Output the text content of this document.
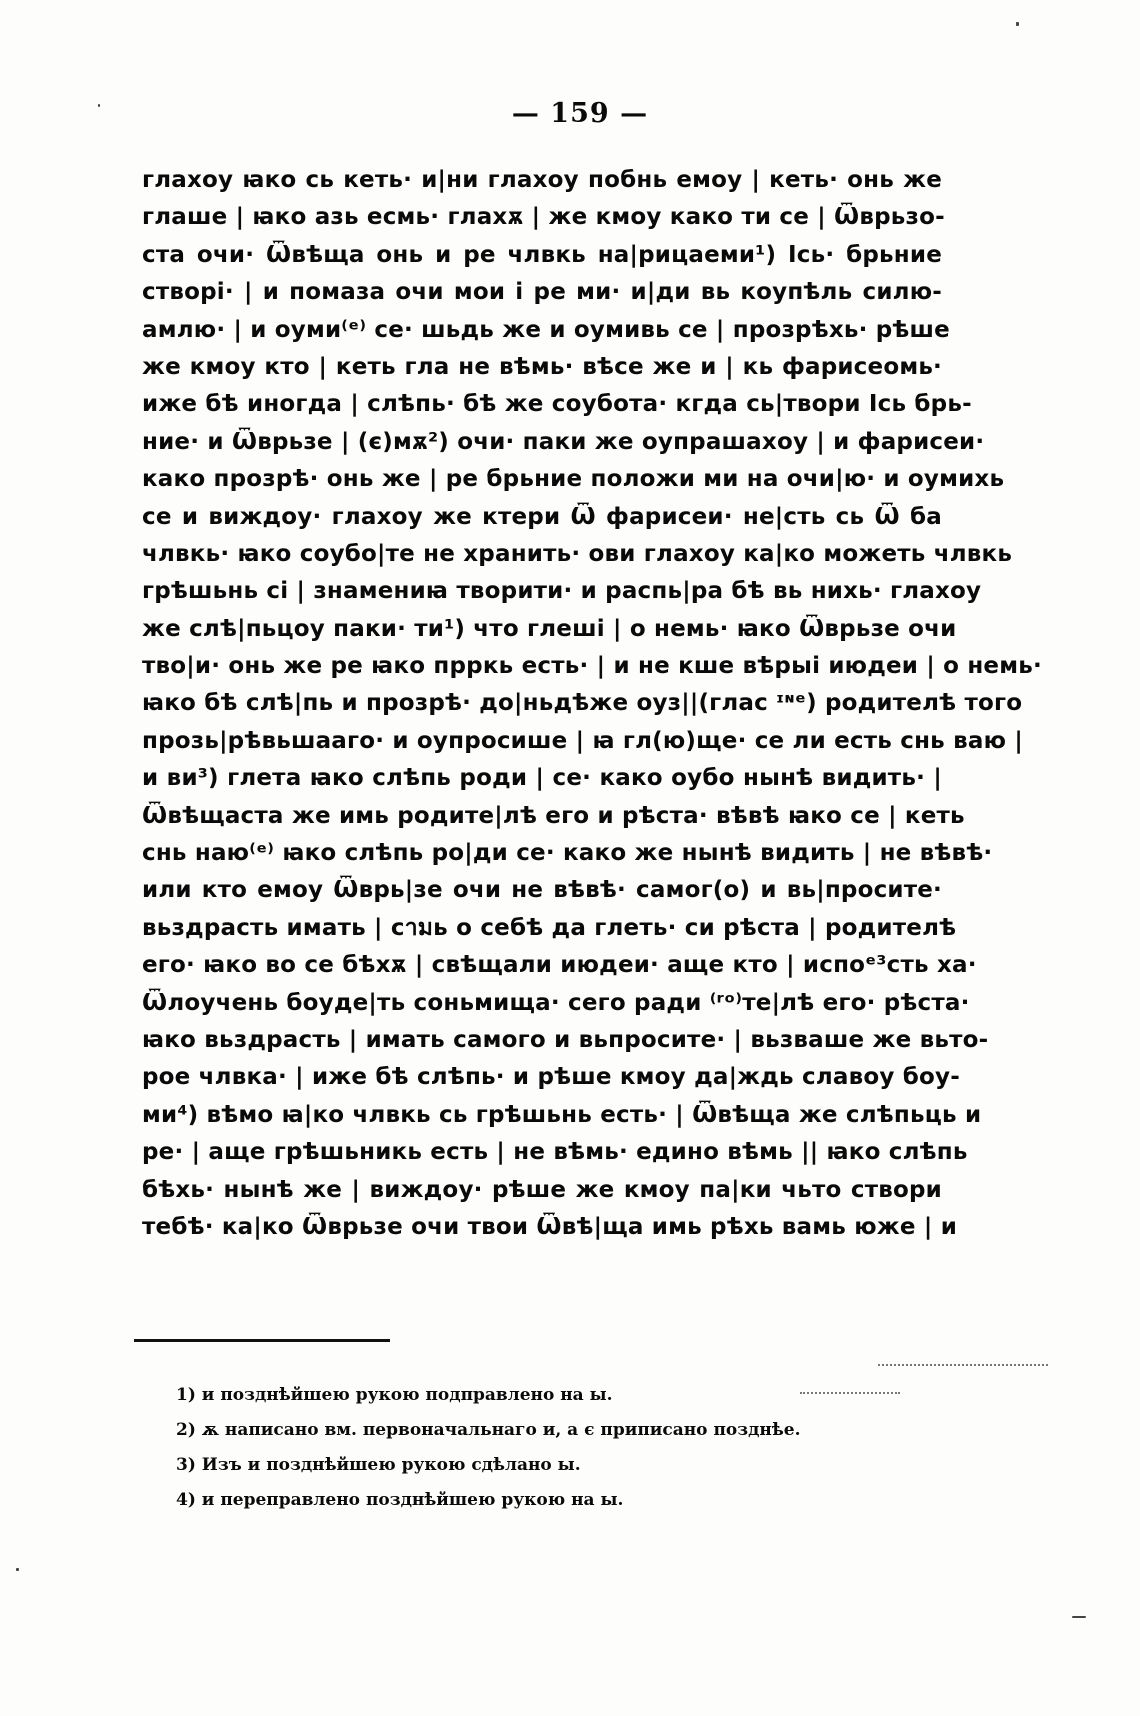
— 159 —
глахоу ꙗко сь кеть· и|ни глахоу побнь емоу | кеть· онь же
глаше | ꙗко азь есмь· глахѫ | же кмоу како ти се | Ѿврьзо-
ста очи· Ѿвѣща онь и ре члвкь на|рицаеми¹) Ісь· брьние
створі· | и помаза очи мои і ре ми· и|ди вь коупѣль силю-
амлю· | и оуми⁽ᵉ⁾ се· шьдь же и оумивь се | прозрѣхь· рѣше
же кмоу кто | кеть гла не вѣмь· вѣсе же и | кь фарисеомь·
иже бѣ иногда | слѣпь· бѣ же соубота· кгда сь|твори Ісь брь-
ние· и Ѿврьзе | (є)мѫ²) очи· паки же оупрашахоу | и фарисеи·
како прозрѣ· онь же | ре брьние положи ми на очи|ю· и оумихь
се и виждоу· глахоу же ктери Ѿ фарисеи· не|сть сь Ѿ ба
члвкь· ꙗко соубо|те не хранить· ови глахоу ка|ко можеть члвкь
грѣшьнь сі | знамениꙗ творити· и распь|ра бѣ вь нихь· глахоу
же слѣ|пьцоу паки· ти¹) что глеші | о немь· ꙗко Ѿврьзе очи
тво|и· онь же ре ꙗко прркь есть· | и не кше вѣрыі июдеи | о немь·
ꙗко бѣ слѣ|пь и прозрѣ· до|ньдѣже оуз||(глас ᶦᶰᵉ) родителѣ того
прозь|рѣвьшааго· и оупросише | ꙗ гл(ю)ще· се ли есть снь ваю |
и ви³) глета ꙗко слѣпь роди | се· како оубо нынѣ видить· |
Ѿвѣщаста же имь родите|лѣ его и рѣста· вѣвѣ ꙗко се | кеть
снь наю⁽ᵉ⁾ ꙗко слѣпь ро|ди се· како же нынѣ видить | не вѣвѣ·
или кто емоу Ѿврь|зе очи не вѣвѣ· самог(о) и вь|просите·
вьздрасть имать | сามь о себѣ да глеть· си рѣста | родителѣ
его· ꙗко во се бѣхѫ | свѣщали июдеи· аще кто | испоᵉ³сть ха·
Ѿлоучень боуде|ть соньмища· сего ради ⁽ʳᵒ⁾те|лѣ его· рѣста·
ꙗко вьздрасть | имать самого и вьпросите· | вьзваше же вьто-
рое члвка· | иже бѣ слѣпь· и рѣше кмоу да|ждь славоу боу-
ми⁴) вѣмо ꙗ|ко члвкь сь грѣшьнь есть· | Ѿвѣща же слѣпьць и
ре· | аще грѣшьникь есть | не вѣмь· едино вѣмь || ꙗко слѣпь
бѣхь· нынѣ же | виждоу· рѣше же кмоу па|ки чьто створи
тебѣ· ка|ко Ѿврьзе очи твои Ѿвѣ|ща имь рѣхь вамь юже | и
1) и позднѣйшею рукою подправлено на ы.
2) ѫ написано вм. первоначальнаго и, а є приписано позднѣе.
3) Изъ и позднѣйшею рукою сдѣлано ы.
4) и переправлено позднѣйшею рукою на ы.
